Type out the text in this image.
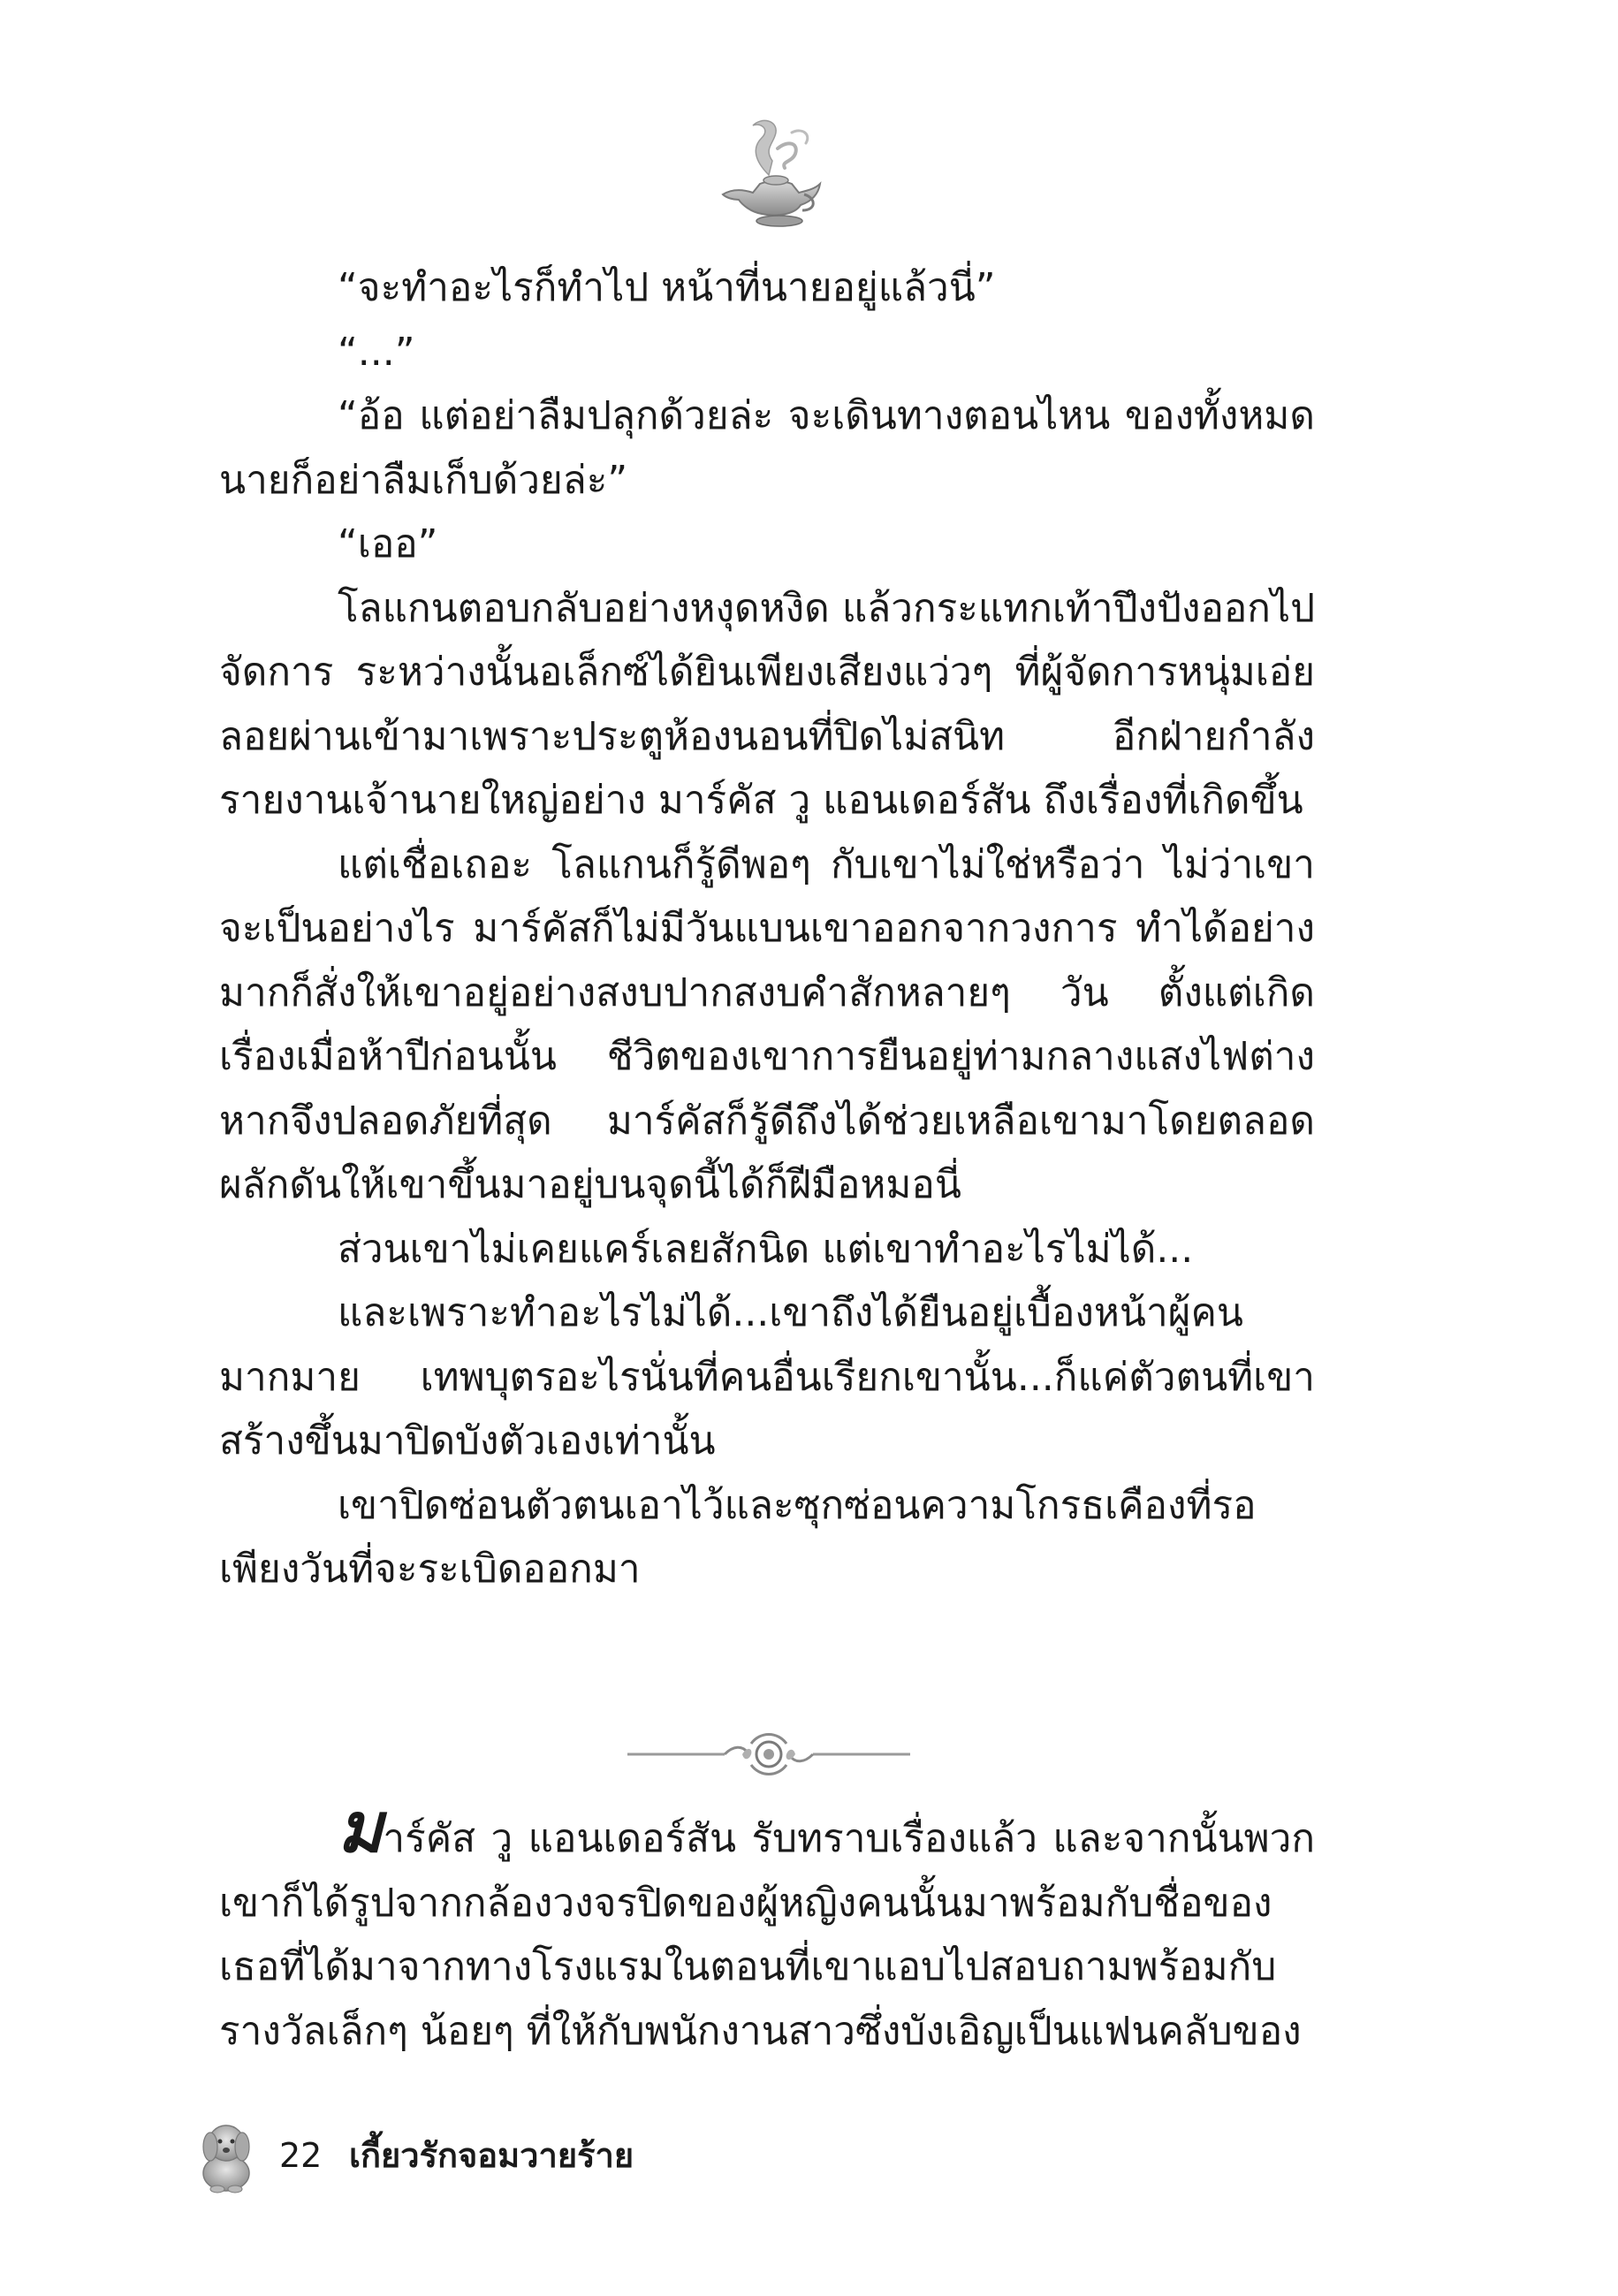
“จะทำอะไรก็ทำไป หน้าที่นายอยู่แล้วนี่”

“...”

“อ้อ แต่อย่าลืมปลุกด้วยล่ะ จะเดินทางตอนไหน ของทั้งหมดนายก็อย่าลืมเก็บด้วยล่ะ”

“เออ”

โลแกนตอบกลับอย่างหงุดหงิด แล้วกระแทกเท้าปึงปังออกไปจัดการ ระหว่างนั้นอเล็กซ์ได้ยินเพียงเสียงแว่วๆ ที่ผู้จัดการหนุ่มเอ่ยลอยผ่านเข้ามาเพราะประตูห้องนอนที่ปิดไม่สนิท อีกฝ่ายกำลังรายงานเจ้านายใหญ่อย่าง มาร์คัส วู แอนเดอร์สัน ถึงเรื่องที่เกิดขึ้น

แต่เชื่อเถอะ โลแกนก็รู้ดีพอๆ กับเขาไม่ใช่หรือว่า ไม่ว่าเขาจะเป็นอย่างไร มาร์คัสก็ไม่มีวันแบนเขาออกจากวงการ ทำได้อย่างมากก็สั่งให้เขาอยู่อย่างสงบปากสงบคำสักหลายๆ วัน ตั้งแต่เกิดเรื่องเมื่อห้าปีก่อนนั้น ชีวิตของเขาการยืนอยู่ท่ามกลางแสงไฟต่างหากจึงปลอดภัยที่สุด มาร์คัสก็รู้ดีถึงได้ช่วยเหลือเขามาโดยตลอด ผลักดันให้เขาขึ้นมาอยู่บนจุดนี้ได้ก็ฝีมือหมอนี่

ส่วนเขาไม่เคยแคร์เลยสักนิด แต่เขาทำอะไรไม่ได้...

และเพราะทำอะไรไม่ได้...เขาถึงได้ยืนอยู่เบื้องหน้าผู้คนมากมาย เทพบุตรอะไรนั่นที่คนอื่นเรียกเขานั้น...ก็แค่ตัวตนที่เขาสร้างขึ้นมาปิดบังตัวเองเท่านั้น

เขาปิดซ่อนตัวตนเอาไว้และซุกซ่อนความโกรธเคืองที่รอเพียงวันที่จะระเบิดออกมา

มาร์คัส วู แอนเดอร์สัน รับทราบเรื่องแล้ว และจากนั้นพวกเขาก็ได้รูปจากกล้องวงจรปิดของผู้หญิงคนนั้นมาพร้อมกับชื่อของเธอที่ได้มาจากทางโรงแรมในตอนที่เขาแอบไปสอบถามพร้อมกับรางวัลเล็กๆ น้อยๆ ที่ให้กับพนักงานสาวซึ่งบังเอิญเป็นแฟนคลับของ

22 เกี้ยวรักจอมวายร้าย
